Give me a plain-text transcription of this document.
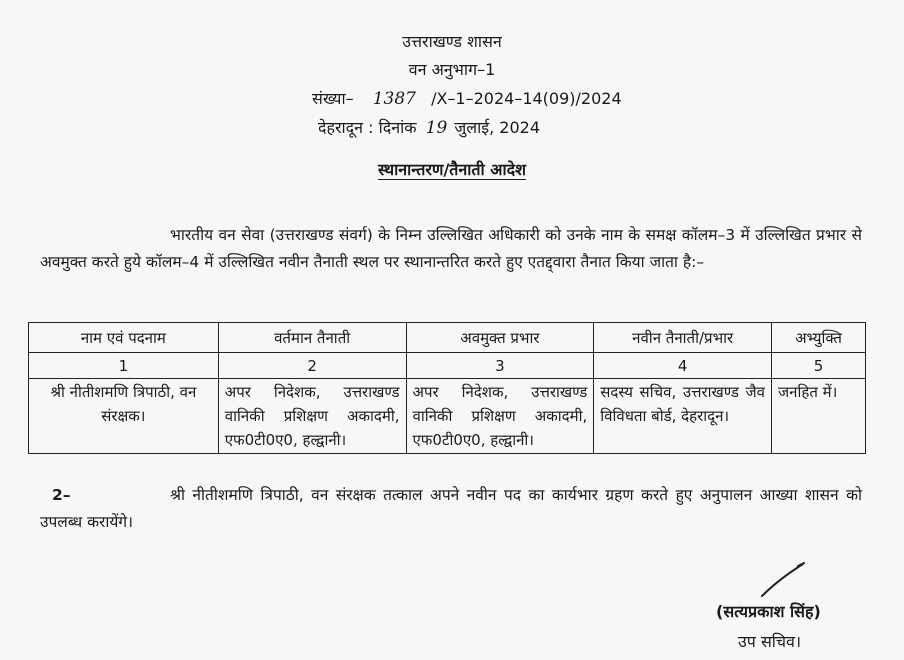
उत्तराखण्ड शासन
वन अनुभाग–1
संख्या– 1387 /X–1–2024–14(09)/2024
देहरादून : दिनांक 19 जुलाई, 2024
स्थानान्तरण/तैनाती आदेश

भारतीय वन सेवा (उत्तराखण्ड संवर्ग) के निम्न उल्लिखित अधिकारी को उनके नाम के समक्ष कॉलम–3 में उल्लिखित प्रभार से अवमुक्त करते हुये कॉलम–4 में उल्लिखित नवीन तैनाती स्थल पर स्थानान्तरित करते हुए एतद्द्वारा तैनात किया जाता है:–

नाम एवं पदनाम	वर्तमान तैनाती	अवमुक्त प्रभार	नवीन तैनाती/प्रभार	अभ्युक्ति
1	2	3	4	5
श्री नीतीशमणि त्रिपाठी, वन संरक्षक।	अपर निदेशक, उत्तराखण्ड वानिकी प्रशिक्षण अकादमी, एफ0टी0ए0, हल्द्वानी।	अपर निदेशक, उत्तराखण्ड वानिकी प्रशिक्षण अकादमी, एफ0टी0ए0, हल्द्वानी।	सदस्य सचिव, उत्तराखण्ड जैव विविधता बोर्ड, देहरादून।	जनहित में।
2–	श्री नीतीशमणि त्रिपाठी, वन संरक्षक तत्काल अपने नवीन पद का कार्यभार ग्रहण करते हुए अनुपालन आख्या शासन को उपलब्ध करायेंगे।
(सत्यप्रकाश सिंह)
उप सचिव।
